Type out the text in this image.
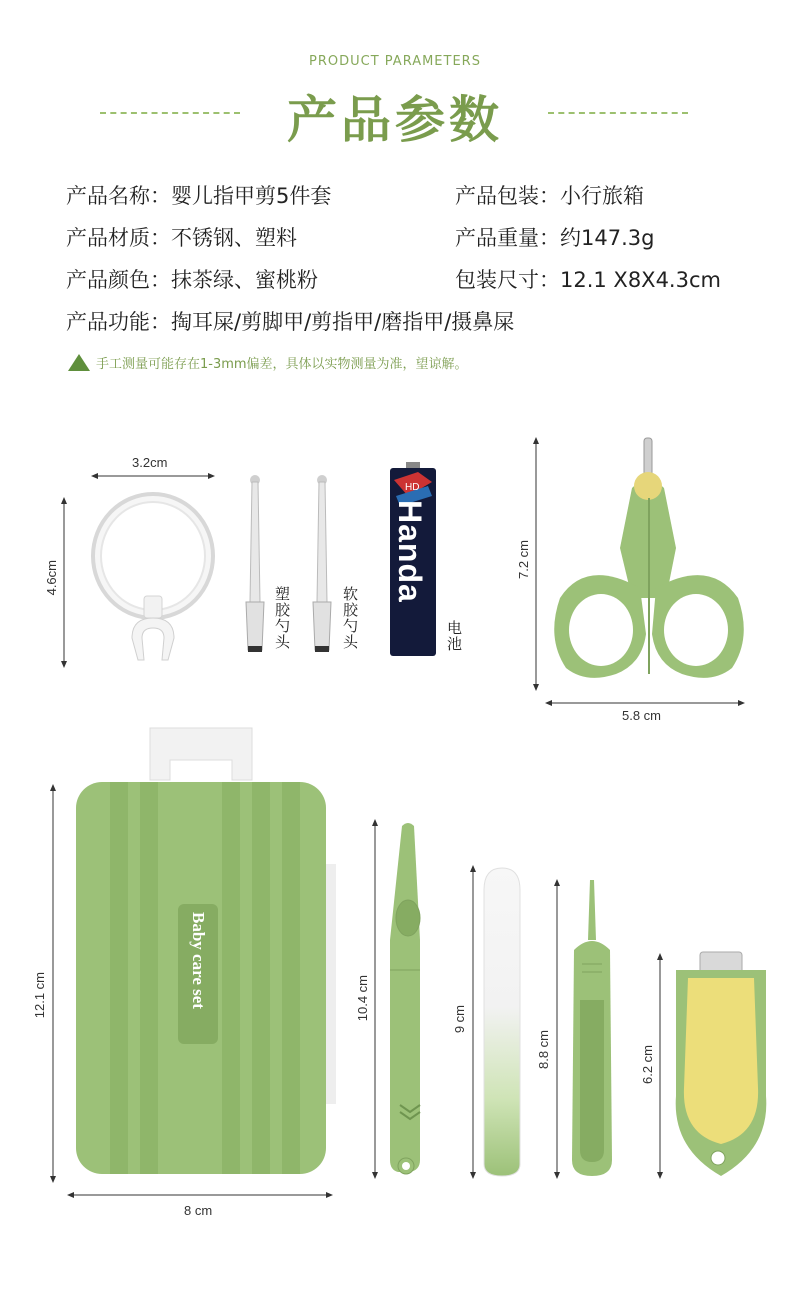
PRODUCT PARAMETERS
产品参数
产品名称：婴儿指甲剪5件套	产品包装：小行旅箱
产品材质：不锈钢、塑料	产品重量：约147.3g
产品颜色：抹茶绿、蜜桃粉	包装尺寸：12.1 X8X4.3cm
产品功能：掏耳屎/剪脚甲/剪指甲/磨指甲/摄鼻屎
手工测量可能存在1-3mm偏差，具体以实物测量为准，望谅解。
3.2cm
4.6cm
塑胶勺头	软胶勺头
Handa
HD
电池
7.2 cm
5.8 cm
12.1 cm	Baby care set
8 cm
10.4 cm	9 cm
8.8 cm	6.2 cm
